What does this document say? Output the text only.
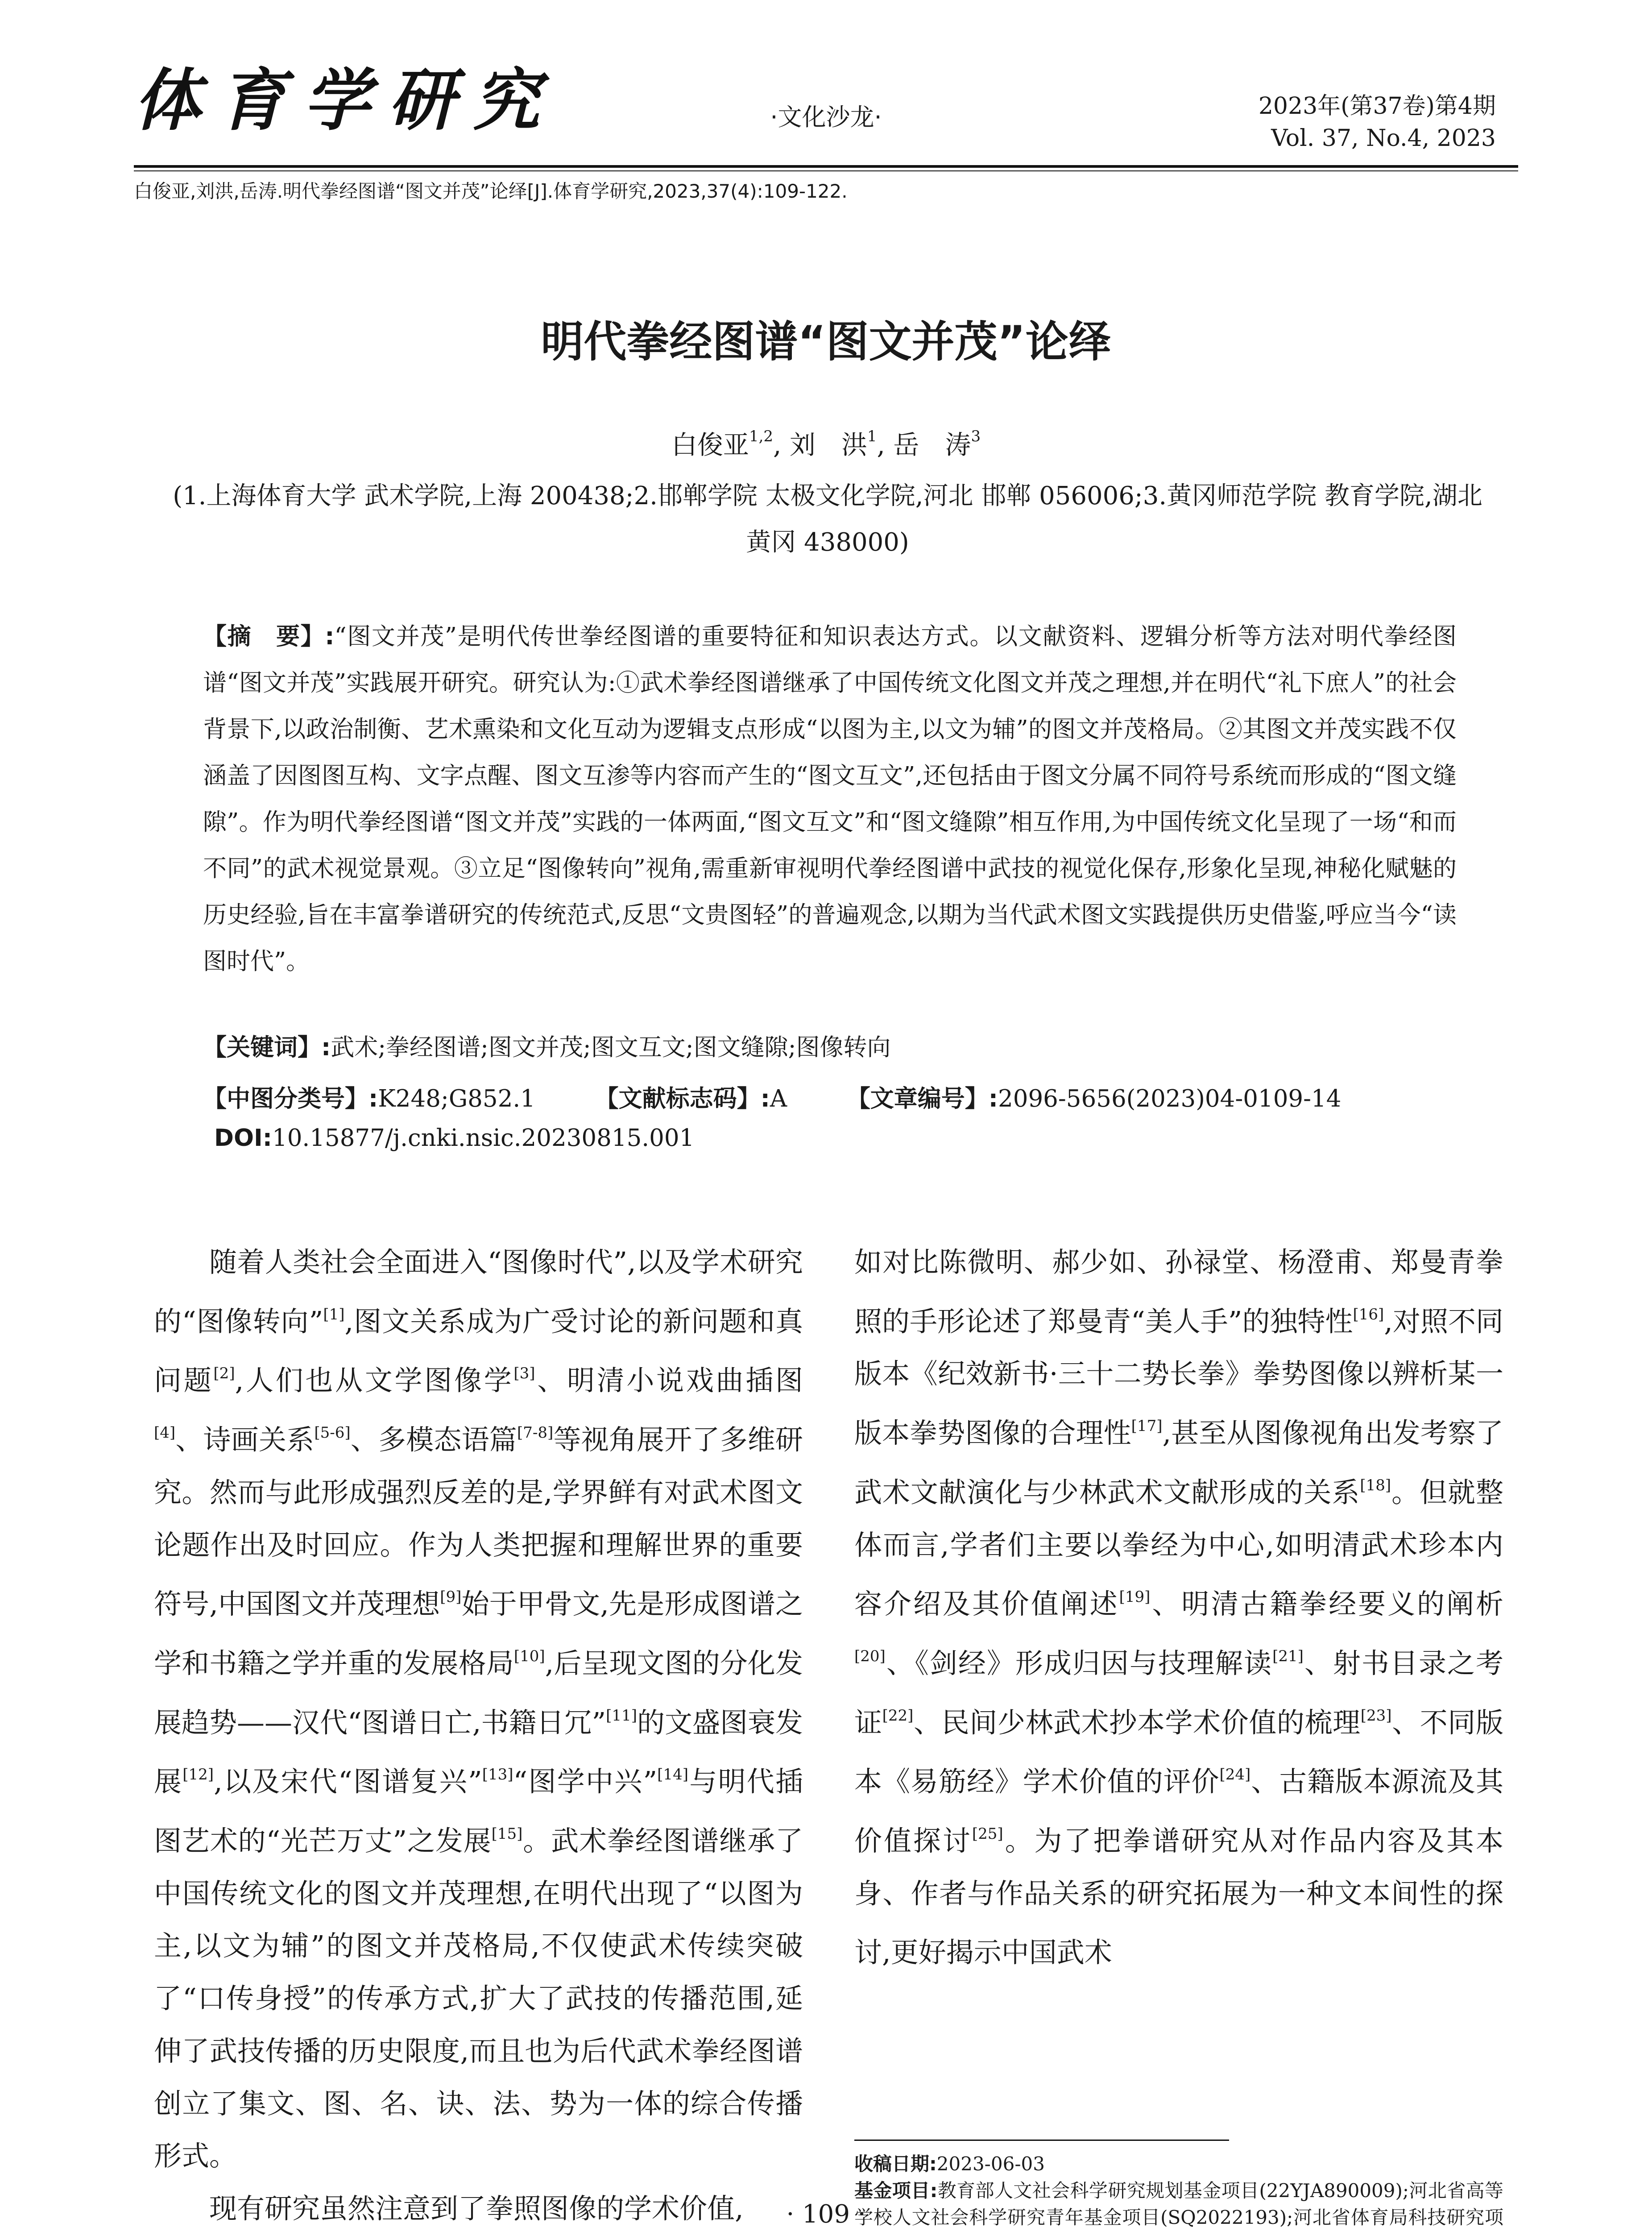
体育学研究	·文化沙龙·	2023年(第37卷)第4期
Vol. 37, No.4, 2023
白俊亚,刘洪,岳涛.明代拳经图谱“图文并茂”论绎[J].体育学研究,2023,37(4):109-122.
明代拳经图谱“图文并茂”论绎
白俊亚$^{1,2}$, 刘　洪$^1$, 岳　涛$^3$
(1.上海体育大学 武术学院,上海 200438;2.邯郸学院 太极文化学院,河北 邯郸 056006;3.黄冈师范学院 教育学院,湖北 黄冈 438000)
【摘　要】:“图文并茂”是明代传世拳经图谱的重要特征和知识表达方式。以文献资料、逻辑分析等方法对明代拳经图谱“图文并茂”实践展开研究。研究认为:①武术拳经图谱继承了中国传统文化图文并茂之理想,并在明代“礼下庶人”的社会背景下,以政治制衡、艺术熏染和文化互动为逻辑支点形成“以图为主,以文为辅”的图文并茂格局。②其图文并茂实践不仅涵盖了因图图互构、文字点醒、图文互渗等内容而产生的“图文互文”,还包括由于图文分属不同符号系统而形成的“图文缝隙”。作为明代拳经图谱“图文并茂”实践的一体两面,“图文互文”和“图文缝隙”相互作用,为中国传统文化呈现了一场“和而不同”的武术视觉景观。③立足“图像转向”视角,需重新审视明代拳经图谱中武技的视觉化保存,形象化呈现,神秘化赋魅的历史经验,旨在丰富拳谱研究的传统范式,反思“文贵图轻”的普遍观念,以期为当代武术图文实践提供历史借鉴,呼应当今“读图时代”。
【关键词】:武术;拳经图谱;图文并茂;图文互文;图文缝隙;图像转向
【中图分类号】:K248;G852.1	【文献标志码】:A	【文章编号】:2096-5656(2023)04-0109-14
DOI:10.15877/j.cnki.nsic.20230815.001

随着人类社会全面进入“图像时代”,以及学术研究的“图像转向”[1],图文关系成为广受讨论的新问题和真问题[2],人们也从文学图像学[3]、明清小说戏曲插图[4]、诗画关系[5-6]、多模态语篇[7-8]等视角展开了多维研究。然而与此形成强烈反差的是,学界鲜有对武术图文论题作出及时回应。作为人类把握和理解世界的重要符号,中国图文并茂理想[9]始于甲骨文,先是形成图谱之学和书籍之学并重的发展格局[10],后呈现文图的分化发展趋势——汉代“图谱日亡,书籍日冗”[11]的文盛图衰发展[12],以及宋代“图谱复兴”[13]“图学中兴”[14]与明代插图艺术的“光芒万丈”之发展[15]。武术拳经图谱继承了中国传统文化的图文并茂理想,在明代出现了“以图为主,以文为辅”的图文并茂格局,不仅使武术传续突破了“口传身授”的传承方式,扩大了武技的传播范围,延伸了武技传播的历史限度,而且也为后代武术拳经图谱创立了集文、图、名、诀、法、势为一体的综合传播形式。

现有研究虽然注意到了拳照图像的学术价值,

如对比陈微明、郝少如、孙禄堂、杨澄甫、郑曼青拳照的手形论述了郑曼青“美人手”的独特性[16],对照不同版本《纪效新书·三十二势长拳》拳势图像以辨析某一版本拳势图像的合理性[17],甚至从图像视角出发考察了武术文献演化与少林武术文献形成的关系[18]。但就整体而言,学者们主要以拳经为中心,如明清武术珍本内容介绍及其价值阐述[19]、明清古籍拳经要义的阐析[20]、《剑经》形成归因与技理解读[21]、射书目录之考证[22]、民间少林武术抄本学术价值的梳理[23]、不同版本《易筋经》学术价值的评价[24]、古籍版本源流及其价值探讨[25]。为了把拳谱研究从对作品内容及其本身、作者与作品关系的研究拓展为一种文本间性的探讨,更好揭示中国武术

收稿日期:2023-06-03

基金项目:教育部人文社会科学研究规划基金项目(22YJA890009);河北省高等学校人文社会科学研究青年基金项目(SQ2022193);河北省体育局科技研究项

· 109 ·
